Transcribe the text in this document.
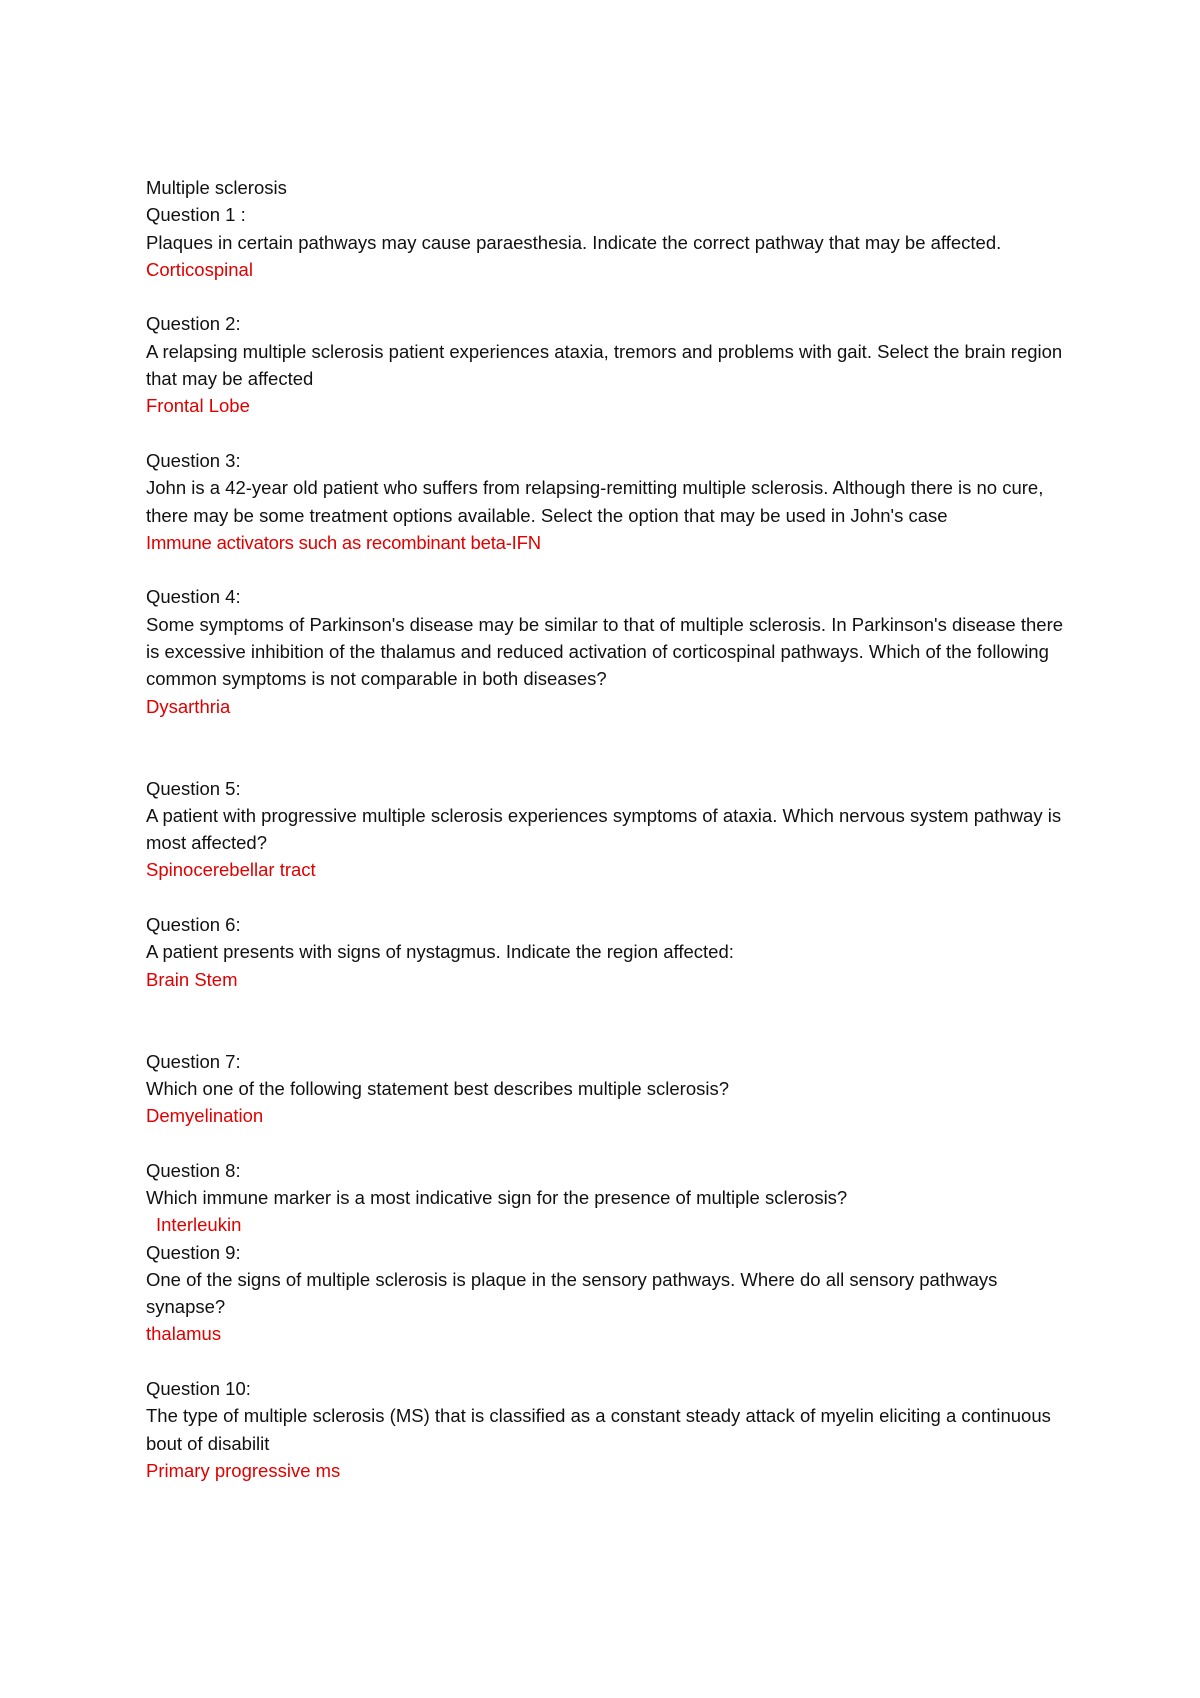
Multiple sclerosis

Question 1 :

Plaques in certain pathways may cause paraesthesia. Indicate the correct pathway that may be affected.

Corticospinal

Question 2:

A relapsing multiple sclerosis patient experiences ataxia, tremors and problems with gait. Select the brain region that may be affected

Frontal Lobe

Question 3:

John is a 42-year old patient who suffers from relapsing-remitting multiple sclerosis. Although there is no cure, there may be some treatment options available. Select the option that may be used in John's case

Immune activators such as recombinant beta-IFN

Question 4:

Some symptoms of Parkinson's disease may be similar to that of multiple sclerosis. In Parkinson's disease there is excessive inhibition of the thalamus and reduced activation of corticospinal pathways. Which of the following common symptoms is not comparable in both diseases?

Dysarthria

Question 5:

A patient with progressive multiple sclerosis experiences symptoms of ataxia. Which nervous system pathway is most affected?

Spinocerebellar tract

Question 6:

A patient presents with signs of nystagmus. Indicate the region affected:

Brain Stem

Question 7:

Which one of the following statement best describes multiple sclerosis?

Demyelination

Question 8:

Which immune marker is a most indicative sign for the presence of multiple sclerosis?

Interleukin

Question 9:

One of the signs of multiple sclerosis is plaque in the sensory pathways. Where do all sensory pathways synapse?

thalamus

Question 10:

The type of multiple sclerosis (MS) that is classified as a constant steady attack of myelin eliciting a continuous bout of disabilit

Primary progressive ms
